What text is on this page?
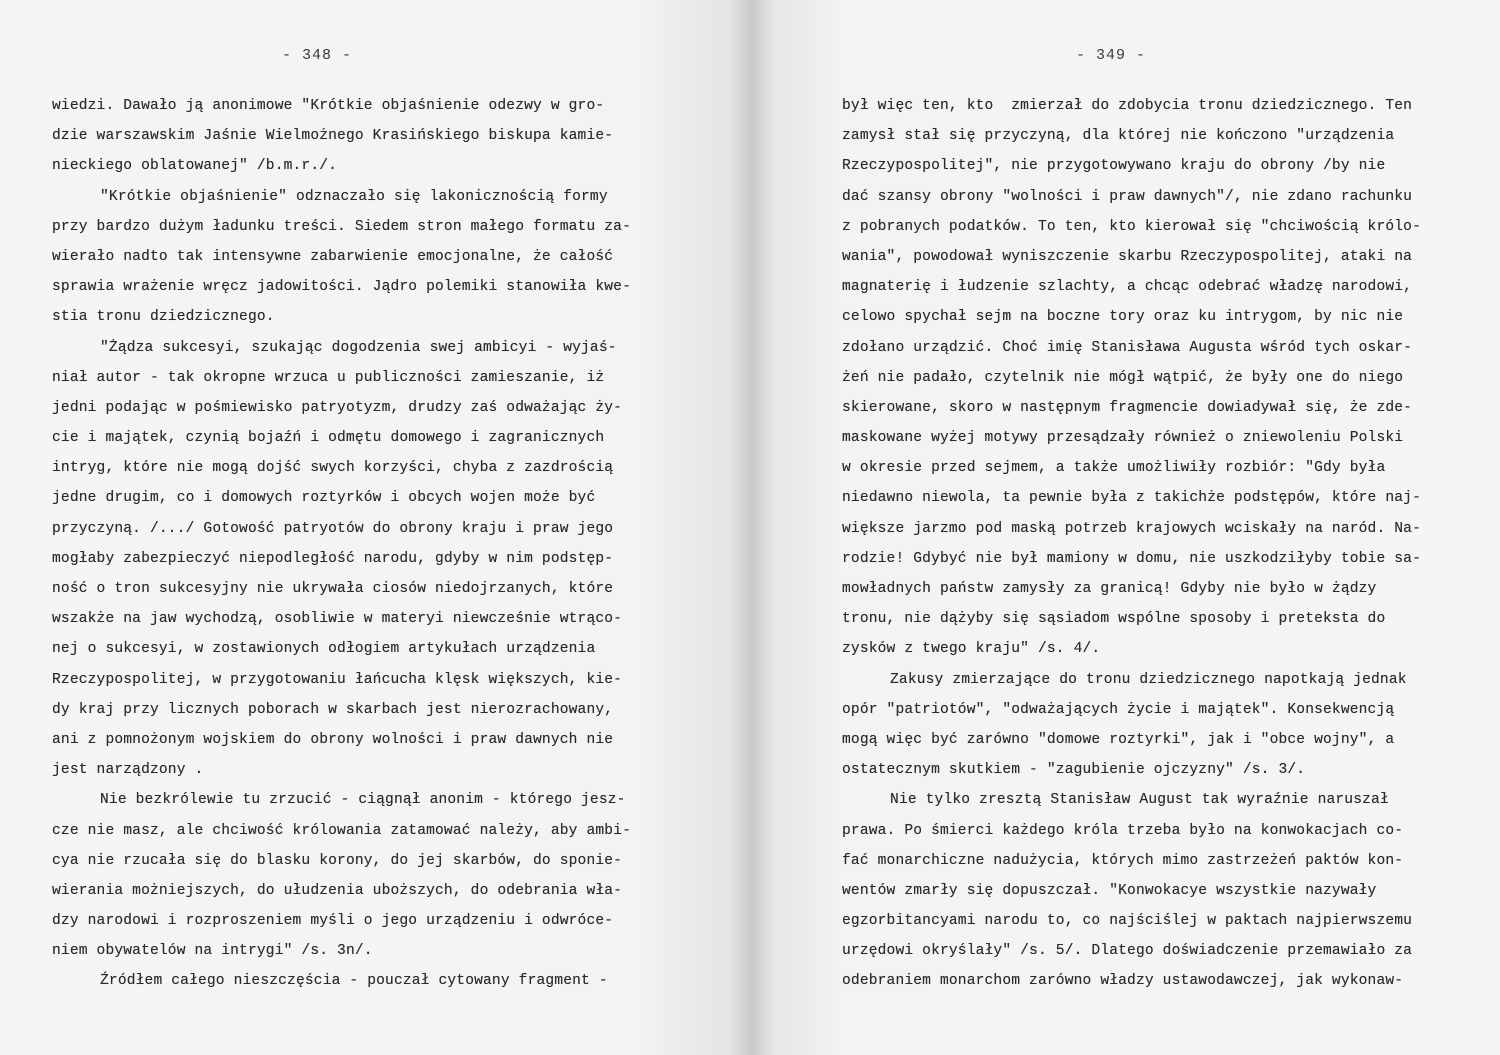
- 348 -
wiedzi. Dawało ją anonimowe "Krótkie objaśnienie odezwy w gro-
dzie warszawskim Jaśnie Wielmożnego Krasińskiego biskupa kamie-
nieckiego oblatowanej" /b.m.r./.
"Krótkie objaśnienie" odznaczało się lakonicznością formy
przy bardzo dużym ładunku treści. Siedem stron małego formatu za-
wierało nadto tak intensywne zabarwienie emocjonalne, że całość
sprawia wrażenie wręcz jadowitości. Jądro polemiki stanowiła kwe-
stia tronu dziedzicznego.
"Żądza sukcesyi, szukając dogodzenia swej ambicyi - wyjaś-
niał autor - tak okropne wrzuca u publiczności zamieszanie, iż
jedni podając w pośmiewisko patryotyzm, drudzy zaś odważając ży-
cie i majątek, czynią bojaźń i odmętu domowego i zagranicznych
intryg, które nie mogą dojść swych korzyści, chyba z zazdrością
jedne drugim, co i domowych roztyrków i obcych wojen może być
przyczyną. /.../ Gotowość patryotów do obrony kraju i praw jego
mogłaby zabezpieczyć niepodległość narodu, gdyby w nim podstęp-
ność o tron sukcesyjny nie ukrywała ciosów niedojrzanych, które
wszakże na jaw wychodzą, osobliwie w materyi niewcześnie wtrąco-
nej o sukcesyi, w zostawionych odłogiem artykułach urządzenia
Rzeczypospolitej, w przygotowaniu łańcucha klęsk większych, kie-
dy kraj przy licznych poborach w skarbach jest nierozrachowany,
ani z pomnożonym wojskiem do obrony wolności i praw dawnych nie
jest narządzony .
Nie bezkrólewie tu zrzucić - ciągnął anonim - którego jesz-
cze nie masz, ale chciwość królowania zatamować należy, aby ambi-
cya nie rzucała się do blasku korony, do jej skarbów, do sponie-
wierania możniejszych, do ułudzenia uboższych, do odebrania wła-
dzy narodowi i rozproszeniem myśli o jego urządzeniu i odwróce-
niem obywatelów na intrygi" /s. 3n/.
Źródłem całego nieszczęścia - pouczał cytowany fragment -
- 349 -
był więc ten, kto  zmierzał do zdobycia tronu dziedzicznego. Ten
zamysł stał się przyczyną, dla której nie kończono "urządzenia
Rzeczypospolitej", nie przygotowywano kraju do obrony /by nie
dać szansy obrony "wolności i praw dawnych"/, nie zdano rachunku
z pobranych podatków. To ten, kto kierował się "chciwością królo-
wania", powodował wyniszczenie skarbu Rzeczypospolitej, ataki na
magnaterię i łudzenie szlachty, a chcąc odebrać władzę narodowi,
celowo spychał sejm na boczne tory oraz ku intrygom, by nic nie
zdołano urządzić. Choć imię Stanisława Augusta wśród tych oskar-
żeń nie padało, czytelnik nie mógł wątpić, że były one do niego
skierowane, skoro w następnym fragmencie dowiadywał się, że zde-
maskowane wyżej motywy przesądzały również o zniewoleniu Polski
w okresie przed sejmem, a także umożliwiły rozbiór: "Gdy była
niedawno niewola, ta pewnie była z takichże podstępów, które naj-
większe jarzmo pod maską potrzeb krajowych wciskały na naród. Na-
rodzie! Gdybyć nie był mamiony w domu, nie uszkodziłyby tobie sa-
mowładnych państw zamysły za granicą! Gdyby nie było w żądzy
tronu, nie dążyby się sąsiadom wspólne sposoby i preteksta do
zysków z twego kraju" /s. 4/.
Zakusy zmierzające do tronu dziedzicznego napotkają jednak
opór "patriotów", "odważających życie i majątek". Konsekwencją
mogą więc być zarówno "domowe roztyrki", jak i "obce wojny", a
ostatecznym skutkiem - "zagubienie ojczyzny" /s. 3/.
Nie tylko zresztą Stanisław August tak wyraźnie naruszał
prawa. Po śmierci każdego króla trzeba było na konwokacjach co-
fać monarchiczne nadużycia, których mimo zastrzeżeń paktów kon-
wentów zmarły się dopuszczał. "Konwokacye wszystkie nazywały
egzorbitancyami narodu to, co najściślej w paktach najpierwszemu
urzędowi okryślały" /s. 5/. Dlatego doświadczenie przemawiało za
odebraniem monarchom zarówno władzy ustawodawczej, jak wykonaw-
